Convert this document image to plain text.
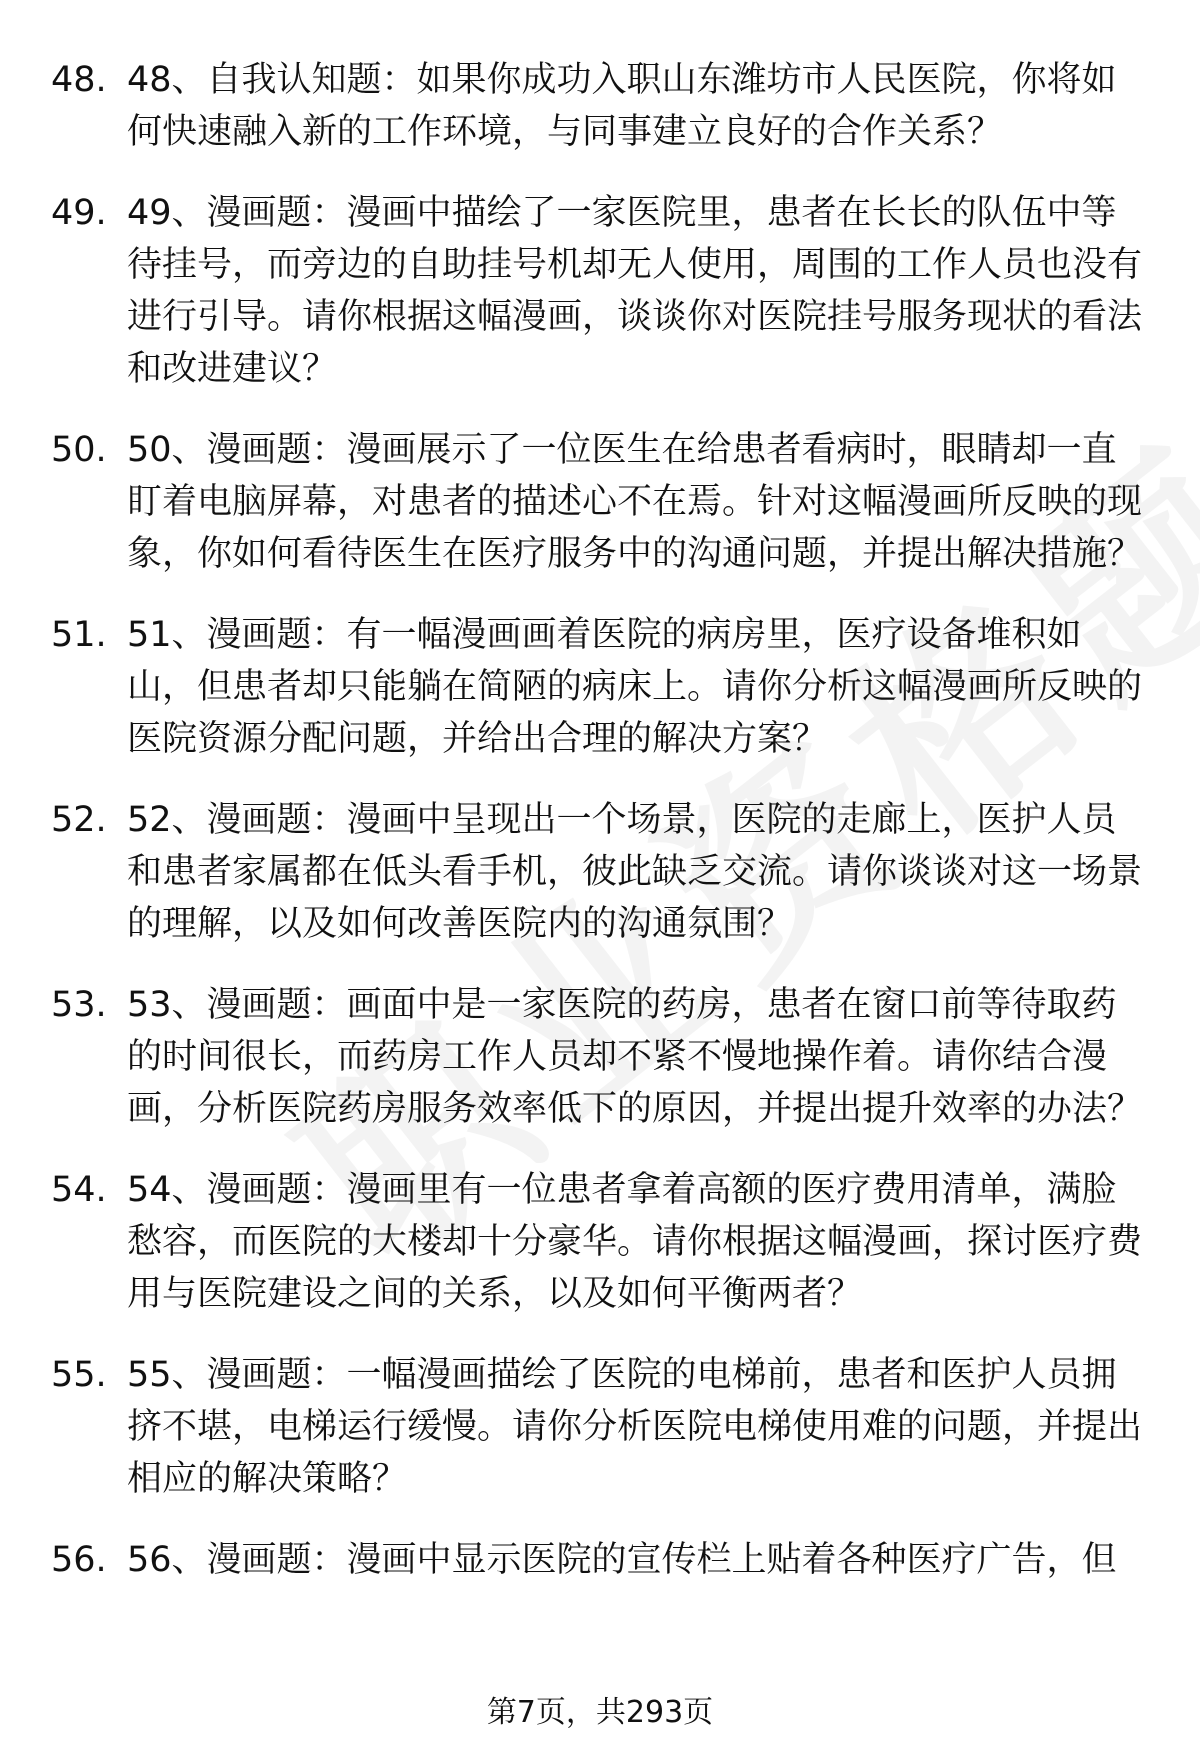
48. 48、自我认知题：如果你成功入职山东潍坊市人民医院，你将如何快速融入新的工作环境，与同事建立良好的合作关系？
49. 49、漫画题：漫画中描绘了一家医院里，患者在长长的队伍中等待挂号，而旁边的自助挂号机却无人使用，周围的工作人员也没有进行引导。请你根据这幅漫画，谈谈你对医院挂号服务现状的看法和改进建议？
50. 50、漫画题：漫画展示了一位医生在给患者看病时，眼睛却一直盯着电脑屏幕，对患者的描述心不在焉。针对这幅漫画所反映的现象，你如何看待医生在医疗服务中的沟通问题，并提出解决措施？
51. 51、漫画题：有一幅漫画画着医院的病房里，医疗设备堆积如山，但患者却只能躺在简陋的病床上。请你分析这幅漫画所反映的医院资源分配问题，并给出合理的解决方案？
52. 52、漫画题：漫画中呈现出一个场景，医院的走廊上，医护人员和患者家属都在低头看手机，彼此缺乏交流。请你谈谈对这一场景的理解，以及如何改善医院内的沟通氛围？
53. 53、漫画题：画面中是一家医院的药房，患者在窗口前等待取药的时间很长，而药房工作人员却不紧不慢地操作着。请你结合漫画，分析医院药房服务效率低下的原因，并提出提升效率的办法？
54. 54、漫画题：漫画里有一位患者拿着高额的医疗费用清单，满脸愁容，而医院的大楼却十分豪华。请你根据这幅漫画，探讨医疗费用与医院建设之间的关系，以及如何平衡两者？
55. 55、漫画题：一幅漫画描绘了医院的电梯前，患者和医护人员拥挤不堪，电梯运行缓慢。请你分析医院电梯使用难的问题，并提出相应的解决策略？
56. 56、漫画题：漫画中显示医院的宣传栏上贴着各种医疗广告，但
第7页，共293页
